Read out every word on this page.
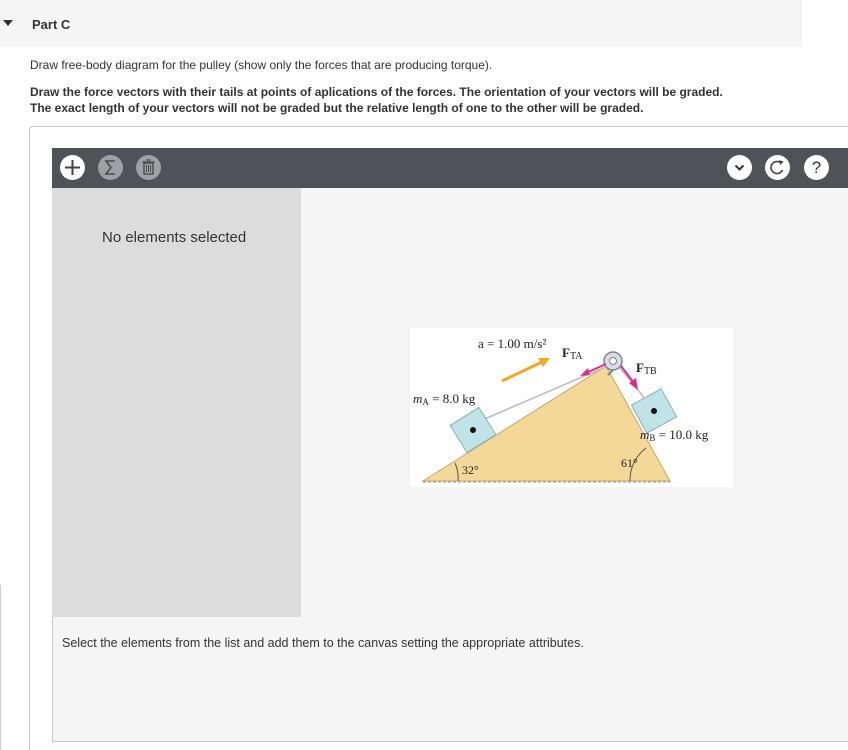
Part C
Draw free-body diagram for the pulley (show only the forces that are producing torque).
Draw the force vectors with their tails at points of aplications of the forces. The orientation of your vectors will be graded.
The exact length of your vectors will not be graded but the relative length of one to the other will be graded.
?
No elements selected
a = 1.00 m/s²
FTA
FTB
mA = 8.0 kg
mB = 10.0 kg
32°	61°
Select the elements from the list and add them to the canvas setting the appropriate attributes.
